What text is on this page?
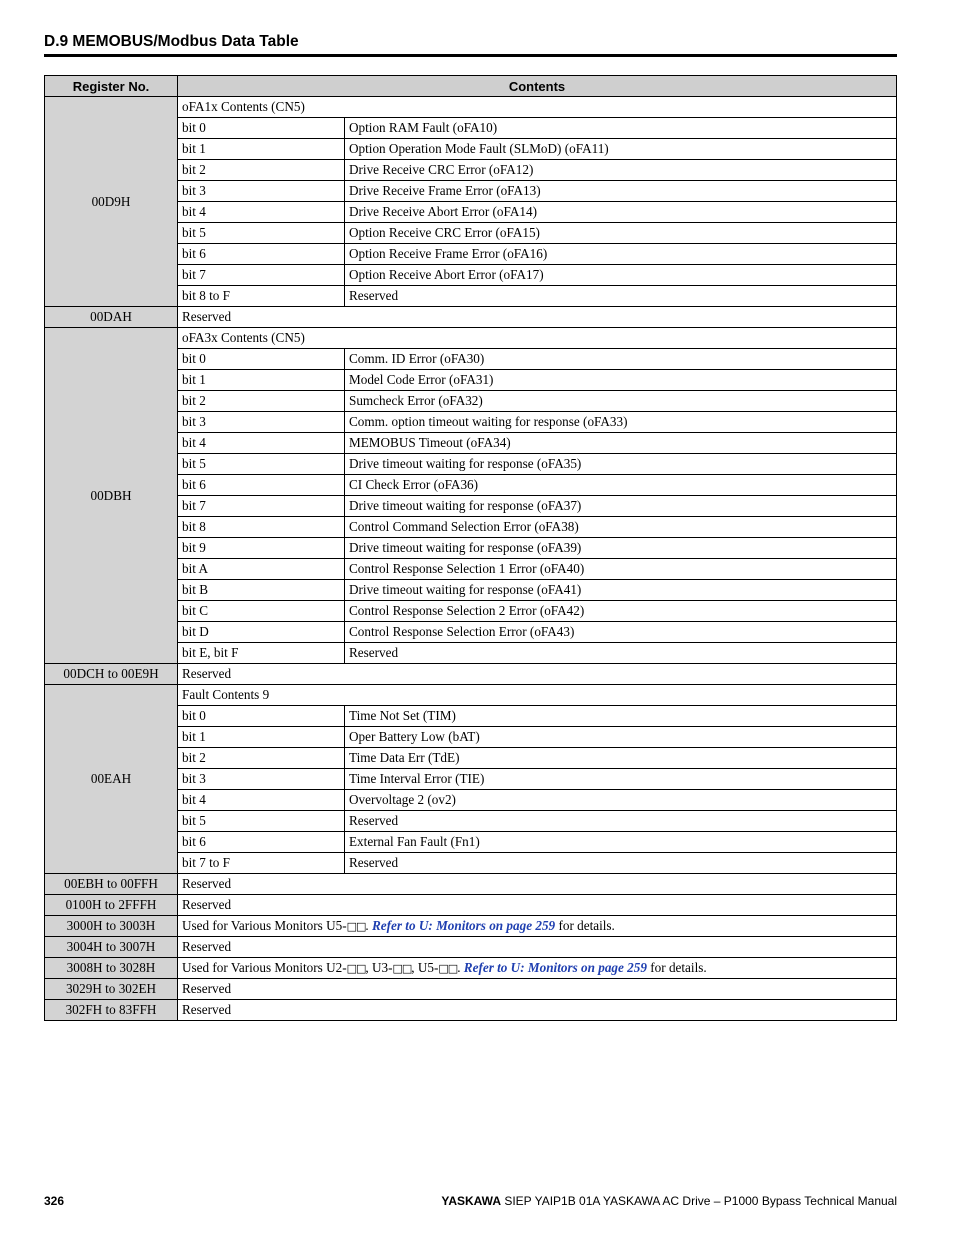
D.9 MEMOBUS/Modbus Data Table
Register No.	Contents	
00D9H	oFA1x Contents (CN5)	
	bit 0	Option RAM Fault (oFA10)
	bit 1	Option Operation Mode Fault (SLMoD) (oFA11)
	bit 2	Drive Receive CRC Error (oFA12)
	bit 3	Drive Receive Frame Error (oFA13)
	bit 4	Drive Receive Abort Error (oFA14)
	bit 5	Option Receive CRC Error (oFA15)
	bit 6	Option Receive Frame Error (oFA16)
	bit 7	Option Receive Abort Error (oFA17)
	bit 8 to F	Reserved
00DAH	Reserved	
00DBH	oFA3x Contents (CN5)	
	bit 0	Comm. ID Error (oFA30)
	bit 1	Model Code Error (oFA31)
	bit 2	Sumcheck Error (oFA32)
	bit 3	Comm. option timeout waiting for response (oFA33)
	bit 4	MEMOBUS Timeout (oFA34)
	bit 5	Drive timeout waiting for response (oFA35)
	bit 6	CI Check Error (oFA36)
	bit 7	Drive timeout waiting for response (oFA37)
	bit 8	Control Command Selection Error (oFA38)
	bit 9	Drive timeout waiting for response (oFA39)
	bit A	Control Response Selection 1 Error (oFA40)
	bit B	Drive timeout waiting for response (oFA41)
	bit C	Control Response Selection 2 Error (oFA42)
	bit D	Control Response Selection Error (oFA43)
	bit E, bit F	Reserved
00DCH to 00E9H	Reserved	
00EAH	Fault Contents 9	
	bit 0	Time Not Set (TIM)
	bit 1	Oper Battery Low (bAT)
	bit 2	Time Data Err (TdE)
	bit 3	Time Interval Error (TIE)
	bit 4	Overvoltage 2 (ov2)
	bit 5	Reserved
	bit 6	External Fan Fault (Fn1)
	bit 7 to F	Reserved
00EBH to 00FFH	Reserved	
0100H to 2FFFH	Reserved	
3000H to 3003H	Used for Various Monitors U5-□□. Refer to U: Monitors on page 259 for details.	
3004H to 3007H	Reserved	
3008H to 3028H	Used for Various Monitors U2-□□, U3-□□, U5-□□. Refer to U: Monitors on page 259 for details.	
3029H to 302EH	Reserved	
302FH to 83FFH	Reserved	
326	YASKAWA SIEP YAIP1B 01A YASKAWA AC Drive – P1000 Bypass Technical Manual
